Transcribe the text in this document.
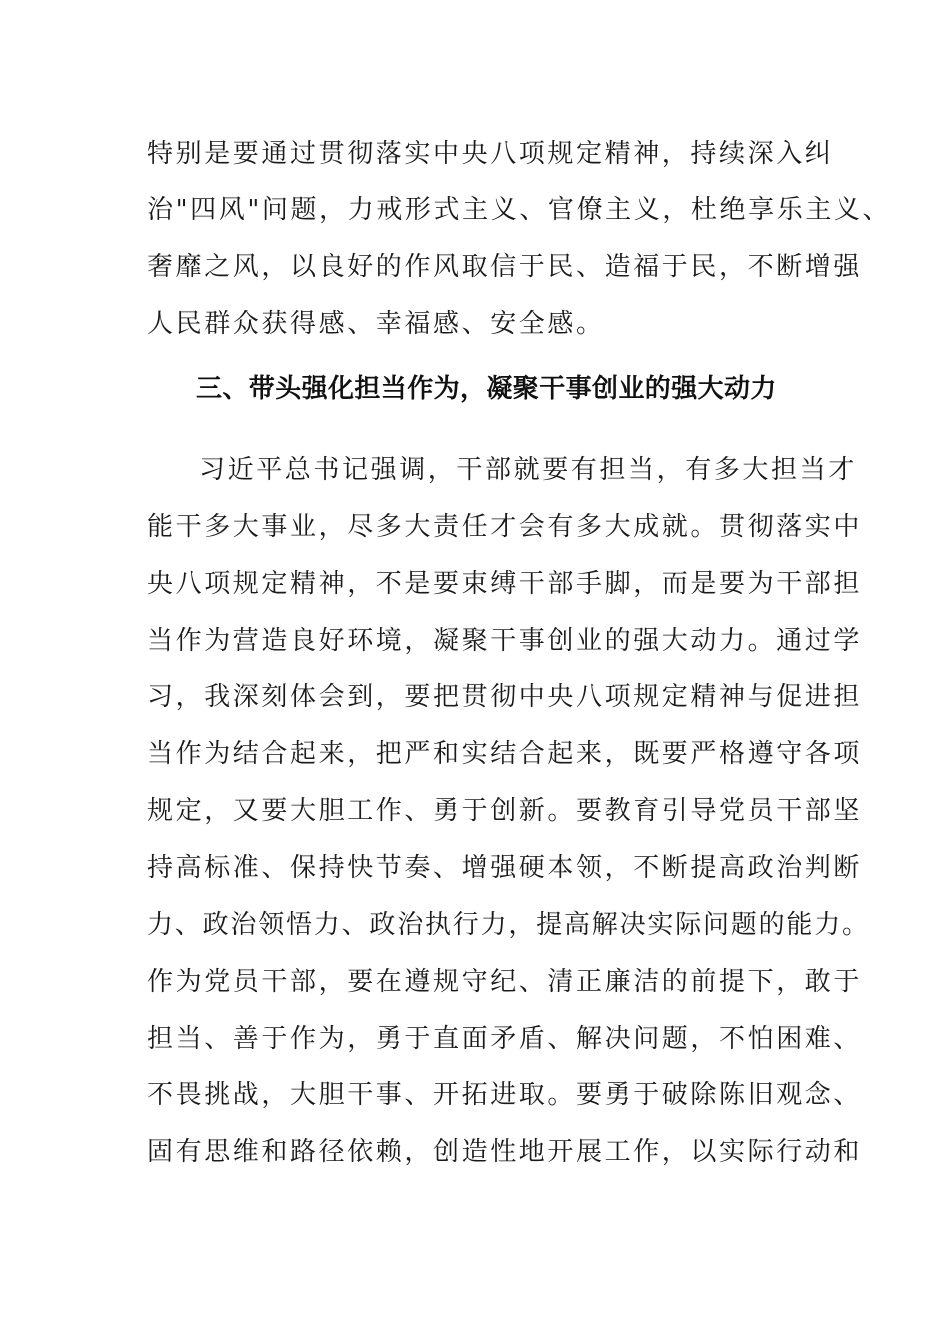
特别是要通过贯彻落实中央八项规定精神，持续深入纠
治"四风"问题，力戒形式主义、官僚主义，杜绝享乐主义、
奢靡之风，以良好的作风取信于民、造福于民，不断增强
人民群众获得感、幸福感、安全感。
三、带头强化担当作为，凝聚干事创业的强大动力
习近平总书记强调，干部就要有担当，有多大担当才
能干多大事业，尽多大责任才会有多大成就。贯彻落实中
央八项规定精神，不是要束缚干部手脚，而是要为干部担
当作为营造良好环境，凝聚干事创业的强大动力。通过学
习，我深刻体会到，要把贯彻中央八项规定精神与促进担
当作为结合起来，把严和实结合起来，既要严格遵守各项
规定，又要大胆工作、勇于创新。要教育引导党员干部坚
持高标准、保持快节奏、增强硬本领，不断提高政治判断
力、政治领悟力、政治执行力，提高解决实际问题的能力。
作为党员干部，要在遵规守纪、清正廉洁的前提下，敢于
担当、善于作为，勇于直面矛盾、解决问题，不怕困难、
不畏挑战，大胆干事、开拓进取。要勇于破除陈旧观念、
固有思维和路径依赖，创造性地开展工作，以实际行动和
